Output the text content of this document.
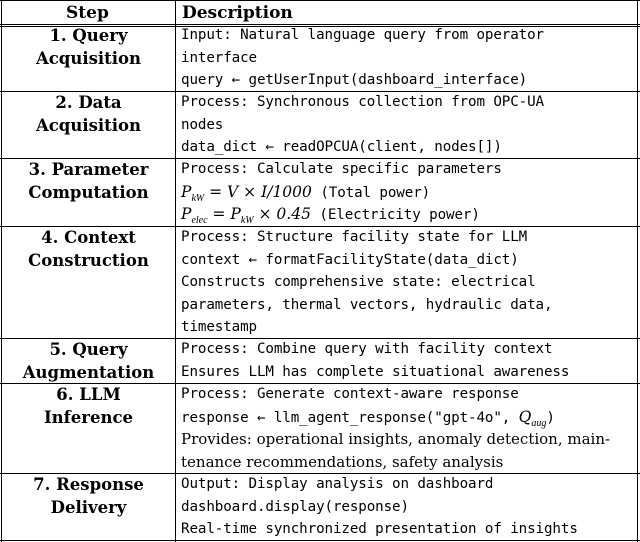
Step	Description
1. Query
Acquisition
Input: Natural language query from operator
interface
query ← getUserInput(dashboard_interface)
2. Data
Acquisition
Process: Synchronous collection from OPC-UA
nodes
data_dict ← readOPCUA(client, nodes[])
3. Parameter
Computation
Process: Calculate specific parameters
$P_{kW} = V \times I/1000$ (Total power)
$P_{elec} = P_{kW} \times 0.45$ (Electricity power)
4. Context
Construction
Process: Structure facility state for LLM
context ← formatFacilityState(data_dict)
Constructs comprehensive state: electrical
parameters, thermal vectors, hydraulic data,
timestamp
5. Query
Augmentation
Process: Combine query with facility context
Ensures LLM has complete situational awareness
6. LLM
Inference
Process: Generate context-aware response
response ← llm_agent_response("gpt-4o", $Q_{aug}$)
Provides: operational insights, anomaly detection, main-
tenance recommendations, safety analysis
7. Response
Delivery
Output: Display analysis on dashboard
dashboard.display(response)
Real-time synchronized presentation of insights
